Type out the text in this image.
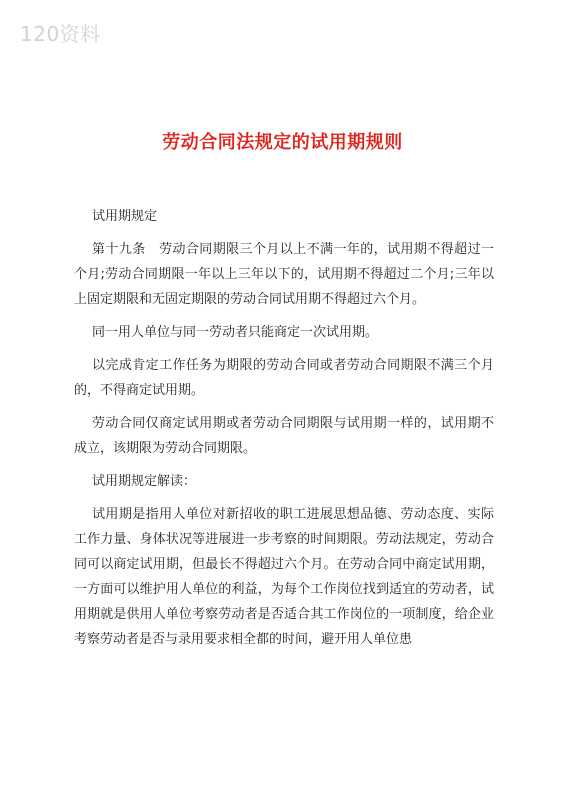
120资料
劳动合同法规定的试用期规则

试用期规定

第十九条　劳动合同期限三个月以上不满一年的，试用期不得超过一个月;劳动合同期限一年以上三年以下的，试用期不得超过二个月;三年以上固定期限和无固定期限的劳动合同试用期不得超过六个月。

同一用人单位与同一劳动者只能商定一次试用期。

以完成肯定工作任务为期限的劳动合同或者劳动合同期限不满三个月的，不得商定试用期。

劳动合同仅商定试用期或者劳动合同期限与试用期一样的，试用期不成立，该期限为劳动合同期限。

试用期规定解读：

试用期是指用人单位对新招收的职工进展思想品德、劳动态度、实际工作力量、身体状况等进展进一步考察的时间期限。劳动法规定，劳动合同可以商定试用期，但最长不得超过六个月。在劳动合同中商定试用期，一方面可以维护用人单位的利益，为每个工作岗位找到适宜的劳动者，试用期就是供用人单位考察劳动者是否适合其工作岗位的一项制度，给企业考察劳动者是否与录用要求相全都的时间，避开用人单位患
